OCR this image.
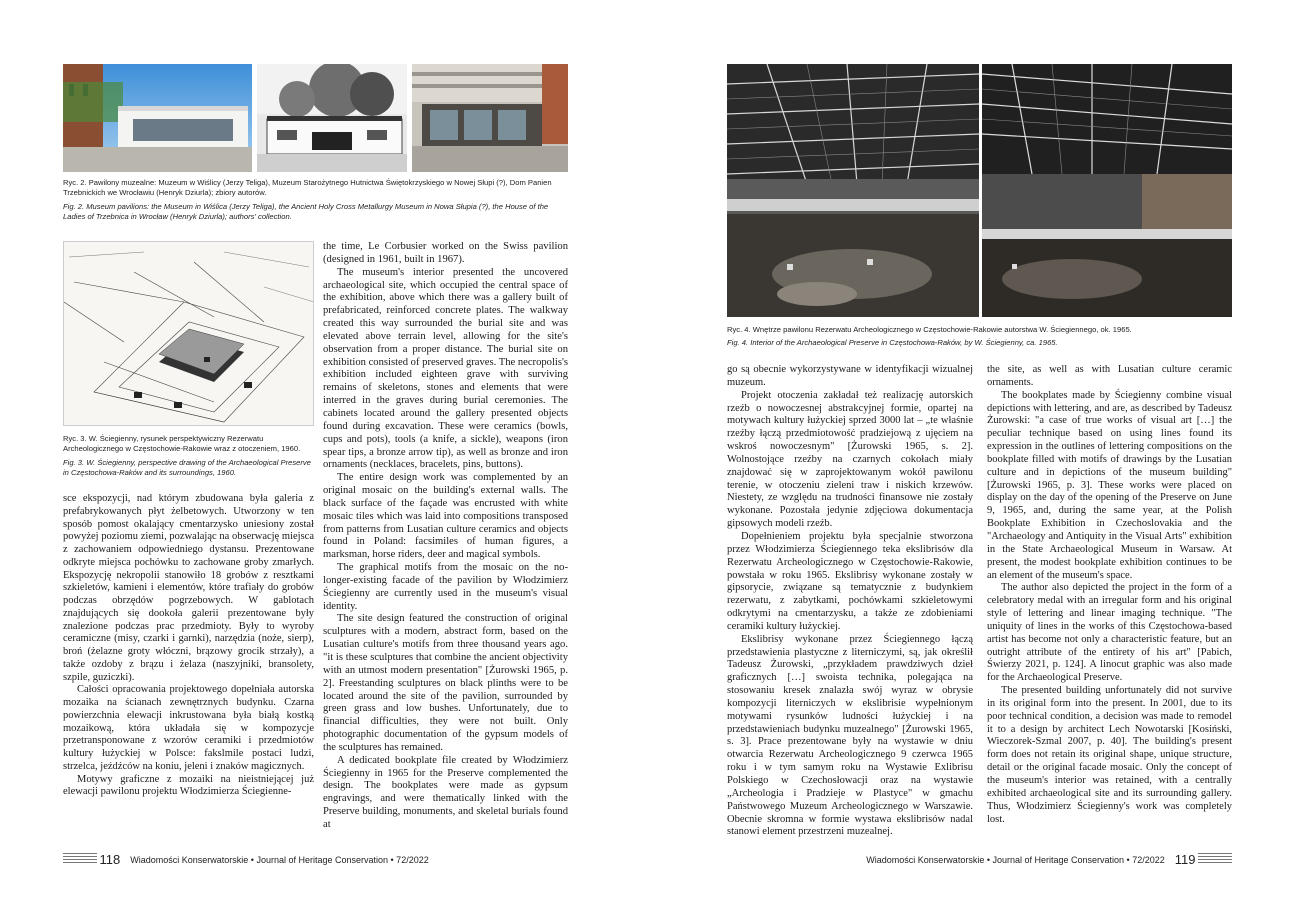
Ryc. 2. Pawilony muzealne: Muzeum w Wiślicy (Jerzy Teliga), Muzeum Starożytnego Hutnictwa Świętokrzyskiego w Nowej Słupi (?), Dom Panien Trzebnickich we Wrocławiu (Henryk Dziurla); zbiory autorów.
Fig. 2. Museum pavilions: the Museum in Wiślica (Jerzy Teliga), the Ancient Holy Cross Metallurgy Museum in Nowa Słupia (?), the House of the Ladies of Trzebnica in Wrocław (Henryk Dziurla); authors' collection.
Ryc. 3. W. Ściegienny, rysunek perspektywiczny Rezerwatu Archeologicznego w Częstochowie-Rakowie wraz z otoczeniem, 1960.
Fig. 3. W. Ściegienny, perspective drawing of the Archaeological Preserve in Częstochowa-Raków and its surroundings, 1960.

sce ekspozycji, nad którym zbudowana była galeria z prefabrykowanych płyt żelbetowych. Utworzony w ten sposób pomost okalający cmentarzysko uniesiony został powyżej poziomu ziemi, pozwalając na obserwację miejsca z zachowaniem odpowiedniego dystansu. Prezentowane odkryte miejsca pochówku to zachowane groby zmarłych. Ekspozycję nekropolii stanowiło 18 grobów z resztkami szkieletów, kamieni i elementów, które trafiały do grobów podczas obrzędów pogrzebowych. W gablotach znajdujących się dookoła galerii prezentowane były znalezione podczas prac przedmioty. Były to wyroby ceramiczne (misy, czarki i garnki), narzędzia (noże, sierp), broń (żelazne groty włóczni, brązowy grocik strzały), a także ozdoby z brązu i żelaza (naszyjniki, bransolety, szpile, guziczki).

Całości opracowania projektowego dopełniała autorska mozaika na ścianach zewnętrznych budynku. Czarna powierzchnia elewacji inkrustowana była białą kostką mozaikową, która układała się w kompozycje przetransponowane z wzorów ceramiki i przedmiotów kultury łużyckiej w Polsce: fakslmile postaci ludzi, strzelca, jeźdźców na koniu, jeleni i znaków magicznych.

Motywy graficzne z mozaiki na nieistniejącej już elewacji pawilonu projektu Włodzimierza Ściegienne-

the time, Le Corbusier worked on the Swiss pavilion (designed in 1961, built in 1967).

The museum's interior presented the uncovered archaeological site, which occupied the central space of the exhibition, above which there was a gallery built of prefabricated, reinforced concrete plates. The walkway created this way surrounded the burial site and was elevated above terrain level, allowing for the site's observation from a proper distance. The burial site on exhibition consisted of preserved graves. The necropolis's exhibition included eighteen grave with surviving remains of skeletons, stones and elements that were interred in the graves during burial ceremonies. The cabinets located around the gallery presented objects found during excavation. These were ceramics (bowls, cups and pots), tools (a knife, a sickle), weapons (iron spear tips, a bronze arrow tip), as well as bronze and iron ornaments (necklaces, bracelets, pins, buttons).

The entire design work was complemented by an original mosaic on the building's external walls. The black surface of the façade was encrusted with white mosaic tiles which was laid into compositions transposed from patterns from Lusatian culture ceramics and objects found in Poland: facsimiles of human figures, a marksman, horse riders, deer and magical symbols.

The graphical motifs from the mosaic on the no-longer-existing facade of the pavilion by Włodzimierz Ściegienny are currently used in the museum's visual identity.

The site design featured the construction of original sculptures with a modern, abstract form, based on the Lusatian culture's motifs from three thousand years ago. "it is these sculptures that combine the ancient objectivity with an utmost modern presentation" [Żurowski 1965, p. 2]. Freestanding sculptures on black plinths were to be located around the site of the pavilion, surrounded by green grass and low bushes. Unfortunately, due to financial difficulties, they were not built. Only photographic documentation of the gypsum models of the sculptures has remained.

A dedicated bookplate file created by Włodzimierz Ściegienny in 1965 for the Preserve complemented the design. The bookplates were made as gypsum engravings, and were thematically linked with the Preserve building, monuments, and skeletal burials found at

118 Wiadomości Konserwatorskie • Journal of Heritage Conservation • 72/2022
Ryc. 4. Wnętrze pawilonu Rezerwatu Archeologicznego w Częstochowie-Rakowie autorstwa W. Ściegiennego, ok. 1965.
Fig. 4. Interior of the Archaeological Preserve in Częstochowa-Raków, by W. Ściegienny, ca. 1965.

go są obecnie wykorzystywane w identyfikacji wizualnej muzeum.

Projekt otoczenia zakładał też realizację autorskich rzeźb o nowoczesnej abstrakcyjnej formie, opartej na motywach kultury łużyckiej sprzed 3000 lat – „te właśnie rzeźby łączą przedmiotowość pradziejową z ujęciem na wskroś nowoczesnym" [Żurowski 1965, s. 2]. Wolnostojące rzeźby na czarnych cokołach miały znajdować się w zaprojektowanym wokół pawilonu terenie, w otoczeniu zieleni traw i niskich krzewów. Niestety, ze względu na trudności finansowe nie zostały wykonane. Pozostała jedynie zdjęciowa dokumentacja gipsowych modeli rzeźb.

Dopełnieniem projektu była specjalnie stworzona przez Włodzimierza Ściegiennego teka ekslibrisów dla Rezerwatu Archeologicznego w Częstochowie-Rakowie, powstała w roku 1965. Ekslibrisy wykonane zostały w gipsorycie, związane są tematycznie z budynkiem rezerwatu, z zabytkami, pochówkami szkieletowymi odkrytymi na cmentarzysku, a także ze zdobieniami ceramiki kultury łużyckiej.

Ekslibrisy wykonane przez Ściegiennego łączą przedstawienia plastyczne z literniczymi, są, jak określił Tadeusz Żurowski, „przykładem prawdziwych dzieł graficznych […] swoista technika, polegająca na stosowaniu kresek znalazła swój wyraz w obrysie kompozycji literniczych w ekslibrisie wypełnionym motywami rysunków ludności łużyckiej i na przedstawieniach budynku muzealnego" [Żurowski 1965, s. 3]. Prace prezentowane były na wystawie w dniu otwarcia Rezerwatu Archeologicznego 9 czerwca 1965 roku i w tym samym roku na Wystawie Exlibrisu Polskiego w Czechosłowacji oraz na wystawie „Archeologia i Pradzieje w Plastyce" w gmachu Państwowego Muzeum Archeologicznego w Warszawie. Obecnie skromna w formie wystawa ekslibrisów nadal stanowi element przestrzeni muzealnej.

the site, as well as with Lusatian culture ceramic ornaments.

The bookplates made by Ściegienny combine visual depictions with lettering, and are, as described by Tadeusz Żurowski: "a case of true works of visual art […] the peculiar technique based on using lines found its expression in the outlines of lettering compositions on the bookplate filled with motifs of drawings by the Lusatian culture and in depictions of the museum building" [Żurowski 1965, p. 3]. These works were placed on display on the day of the opening of the Preserve on June 9, 1965, and, during the same year, at the Polish Bookplate Exhibition in Czechoslovakia and the "Archaeology and Antiquity in the Visual Arts" exhibition in the State Archaeological Museum in Warsaw. At present, the modest bookplate exhibition continues to be an element of the museum's space.

The author also depicted the project in the form of a celebratory medal with an irregular form and his original style of lettering and linear imaging technique. "The uniquity of lines in the works of this Częstochowa-based artist has become not only a characteristic feature, but an outright attribute of the entirety of his art" [Pabich, Świerzy 2021, p. 124]. A linocut graphic was also made for the Archaeological Preserve.

The presented building unfortunately did not survive in its original form into the present. In 2001, due to its poor technical condition, a decision was made to remodel it to a design by architect Lech Nowotarski [Kosiński, Wieczorek-Szmal 2007, p. 40]. The building's present form does not retain its original shape, unique structure, detail or the original facade mosaic. Only the concept of the museum's interior was retained, with a centrally exhibited archaeological site and its surrounding gallery. Thus, Włodzimierz Ściegienny's work was completely lost.

Wiadomości Konserwatorskie • Journal of Heritage Conservation • 72/2022 119
